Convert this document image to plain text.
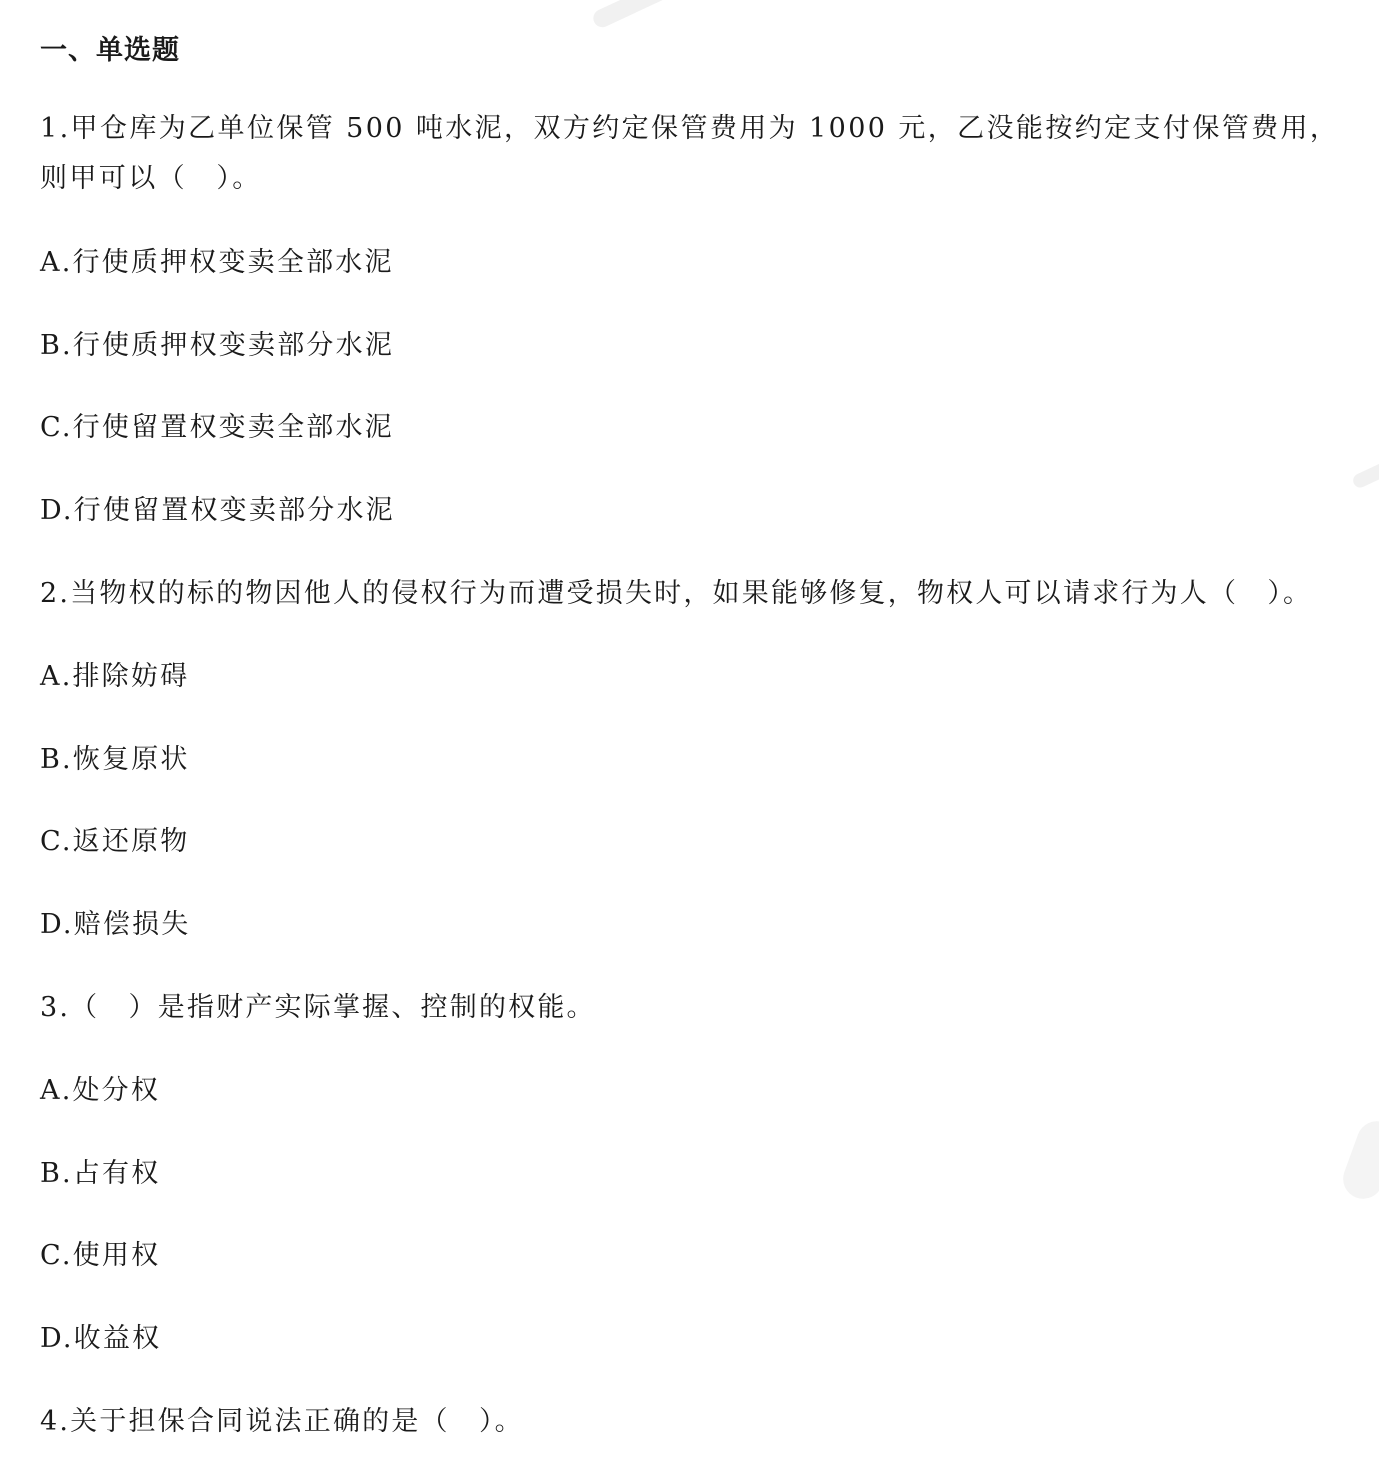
一、单选题

1.甲仓库为乙单位保管 500 吨水泥，双方约定保管费用为 1000 元，乙没能按约定支付保管费用，则甲可以（　）。

A.行使质押权变卖全部水泥

B.行使质押权变卖部分水泥

C.行使留置权变卖全部水泥

D.行使留置权变卖部分水泥

2.当物权的标的物因他人的侵权行为而遭受损失时，如果能够修复，物权人可以请求行为人（　）。

A.排除妨碍

B.恢复原状

C.返还原物

D.赔偿损失

3.（　）是指财产实际掌握、控制的权能。

A.处分权

B.占有权

C.使用权

D.收益权

4.关于担保合同说法正确的是（　）。
